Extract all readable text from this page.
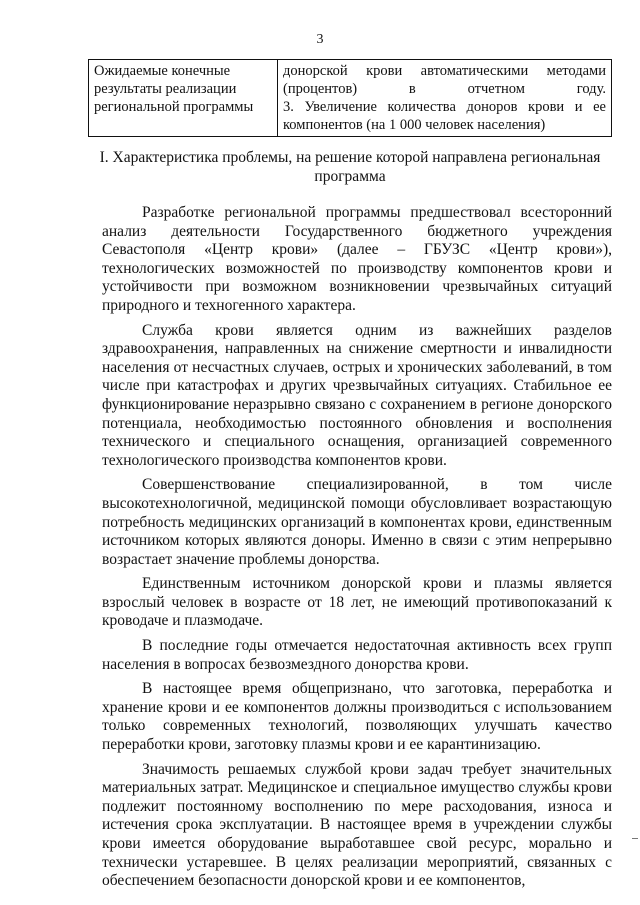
3
Ожидаемые конечные результаты реализации региональной программы	донорской крови автоматическими методами (процентов) в отчетном году.
3. Увеличение количества доноров крови и ее компонентов (на 1 000 человек населения)
I. Характеристика проблемы, на решение которой направлена региональная программа

Разработке региональной программы предшествовал всесторонний анализ деятельности Государственного бюджетного учреждения Севастополя «Центр крови» (далее – ГБУЗС «Центр крови»), технологических возможностей по производству компонентов крови и устойчивости при возможном возникновении чрезвычайных ситуаций природного и техногенного характера.

Служба крови является одним из важнейших разделов здравоохранения, направленных на снижение смертности и инвалидности населения от несчастных случаев, острых и хронических заболеваний, в том числе при катастрофах и других чрезвычайных ситуациях. Стабильное ее функционирование неразрывно связано с сохранением в регионе донорского потенциала, необходимостью постоянного обновления и восполнения технического и специального оснащения, организацией современного технологического производства компонентов крови.

Совершенствование специализированной, в том числе высокотехнологичной, медицинской помощи обусловливает возрастающую потребность медицинских организаций в компонентах крови, единственным источником которых являются доноры. Именно в связи с этим непрерывно возрастает значение проблемы донорства.

Единственным источником донорской крови и плазмы является взрослый человек в возрасте от 18 лет, не имеющий противопоказаний к кроводаче и плазмодаче.

В последние годы отмечается недостаточная активность всех групп населения в вопросах безвозмездного донорства крови.

В настоящее время общепризнано, что заготовка, переработка и хранение крови и ее компонентов должны производиться с использованием только современных технологий, позволяющих улучшать качество переработки крови, заготовку плазмы крови и ее карантинизацию.

Значимость решаемых службой крови задач требует значительных материальных затрат. Медицинское и специальное имущество службы крови подлежит постоянному восполнению по мере расходования, износа и истечения срока эксплуатации. В настоящее время в учреждении службы крови имеется оборудование выработавшее свой ресурс, морально и технически устаревшее. В целях реализации мероприятий, связанных с обеспечением безопасности донорской крови и ее компонентов,
